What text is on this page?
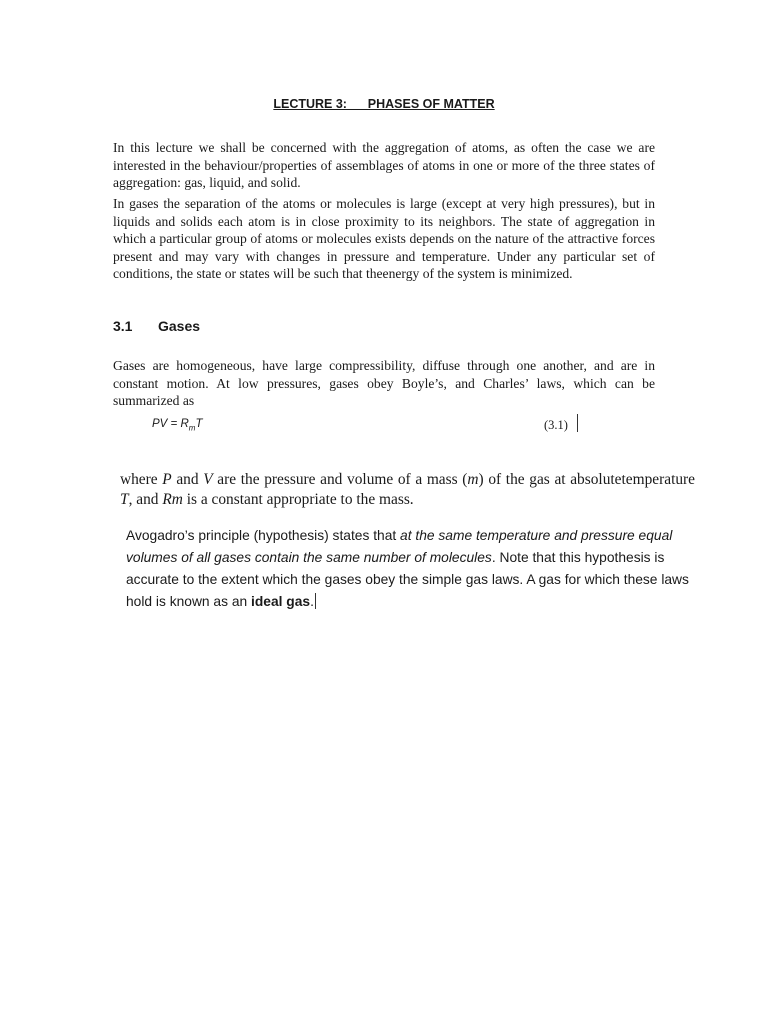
LECTURE 3:      PHASES OF MATTER

In this lecture we shall be concerned with the aggregation of atoms, as often the case we are interested in the behaviour/properties of assemblages of atoms in one or more of the three states of aggregation: gas, liquid, and solid.

In gases the separation of the atoms or molecules is large (except at very high pressures), but in liquids and solids each atom is in close proximity to its neighbors. The state of aggregation in which a particular group of atoms or molecules exists depends on the nature of the attractive forces present and may vary with changes in pressure and temperature. Under any particular set of conditions, the state or states will be such that theenergy of the system is minimized.

3.1 Gases

Gases are homogeneous, have large compressibility, diffuse through one another, and are in constant motion. At low pressures, gases obey Boyle’s, and Charles’ laws, which can be summarized as

PV = $R_mT$	(3.1)
where P and V are the pressure and volume of a mass (m) of the gas at absolutetemperature T, and Rm is a constant appropriate to the mass.
Avogadro’s principle (hypothesis) states that at the same temperature and pressure equal volumes of all gases contain the same number of molecules. Note that this hypothesis is accurate to the extent which the gases obey the simple gas laws. A gas for which these laws hold is known as an ideal gas.
